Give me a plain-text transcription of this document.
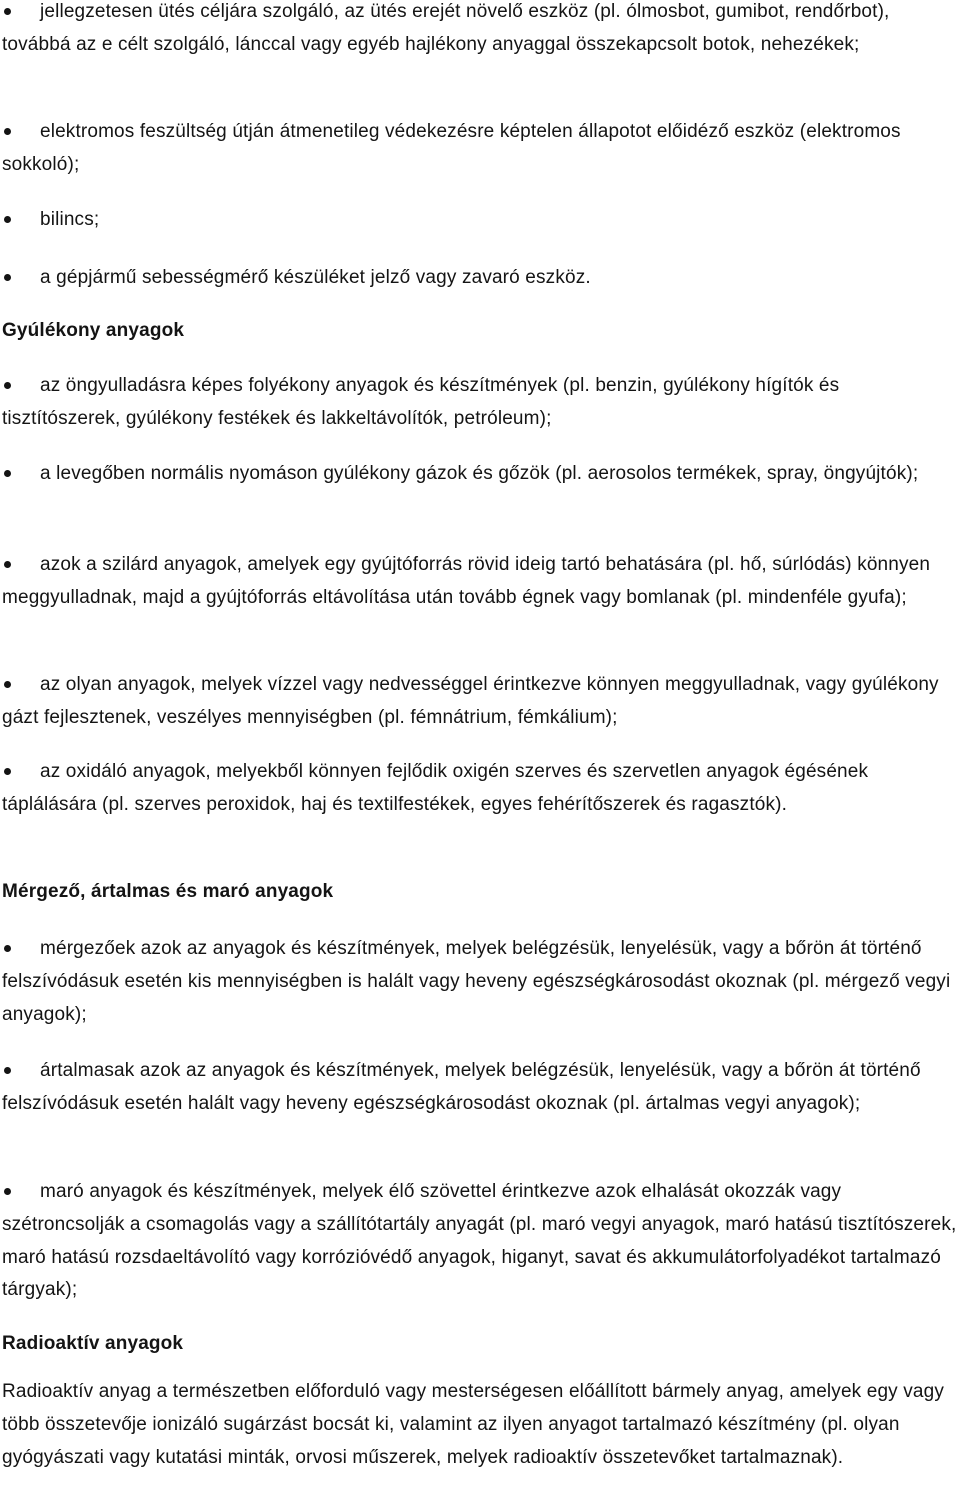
jellegzetesen ütés céljára szolgáló, az ütés erejét növelő eszköz (pl. ólmosbot, gumibot, rendőrbot), továbbá az e célt szolgáló, lánccal vagy egyéb hajlékony anyaggal összekapcsolt botok, nehezékek;
elektromos feszültség útján átmenetileg védekezésre képtelen állapotot előidéző eszköz (elektromos sokkoló);
bilincs;
a gépjármű sebességmérő készüléket jelző vagy zavaró eszköz.
Gyúlékony anyagok
az öngyulladásra képes folyékony anyagok és készítmények (pl. benzin, gyúlékony hígítók és tisztítószerek, gyúlékony festékek és lakkeltávolítók, petróleum);
a levegőben normális nyomáson gyúlékony gázok és gőzök (pl. aerosolos termékek, spray, öngyújtók);
azok a szilárd anyagok, amelyek egy gyújtóforrás rövid ideig tartó behatására (pl. hő, súrlódás) könnyen meggyulladnak, majd a gyújtóforrás eltávolítása után tovább égnek vagy bomlanak (pl. mindenféle gyufa);
az olyan anyagok, melyek vízzel vagy nedvességgel érintkezve könnyen meggyulladnak, vagy gyúlékony gázt fejlesztenek, veszélyes mennyiségben (pl. fémnátrium, fémkálium);
az oxidáló anyagok, melyekből könnyen fejlődik oxigén szerves és szervetlen anyagok égésének táplálására (pl. szerves peroxidok, haj és textilfestékek, egyes fehérítőszerek és ragasztók).
Mérgező, ártalmas és maró anyagok
mérgezőek azok az anyagok és készítmények, melyek belégzésük, lenyelésük, vagy a bőrön át történő felszívódásuk esetén kis mennyiségben is halált vagy heveny egészségkárosodást okoznak (pl. mérgező vegyi anyagok);
ártalmasak azok az anyagok és készítmények, melyek belégzésük, lenyelésük, vagy a bőrön át történő felszívódásuk esetén halált vagy heveny egészségkárosodást okoznak (pl. ártalmas vegyi anyagok);
maró anyagok és készítmények, melyek élő szövettel érintkezve azok elhalását okozzák vagy szétroncsolják a csomagolás vagy a szállítótartály anyagát (pl. maró vegyi anyagok, maró hatású tisztítószerek, maró hatású rozsdaeltávolító vagy korrózióvédő anyagok, higanyt, savat és akkumulátorfolyadékot tartalmazó tárgyak);
Radioaktív anyagok
Radioaktív anyag a természetben előforduló vagy mesterségesen előállított bármely anyag, amelyek egy vagy több összetevője ionizáló sugárzást bocsát ki, valamint az ilyen anyagot tartalmazó készítmény (pl. olyan gyógyászati vagy kutatási minták, orvosi műszerek, melyek radioaktív összetevőket tartalmaznak).
